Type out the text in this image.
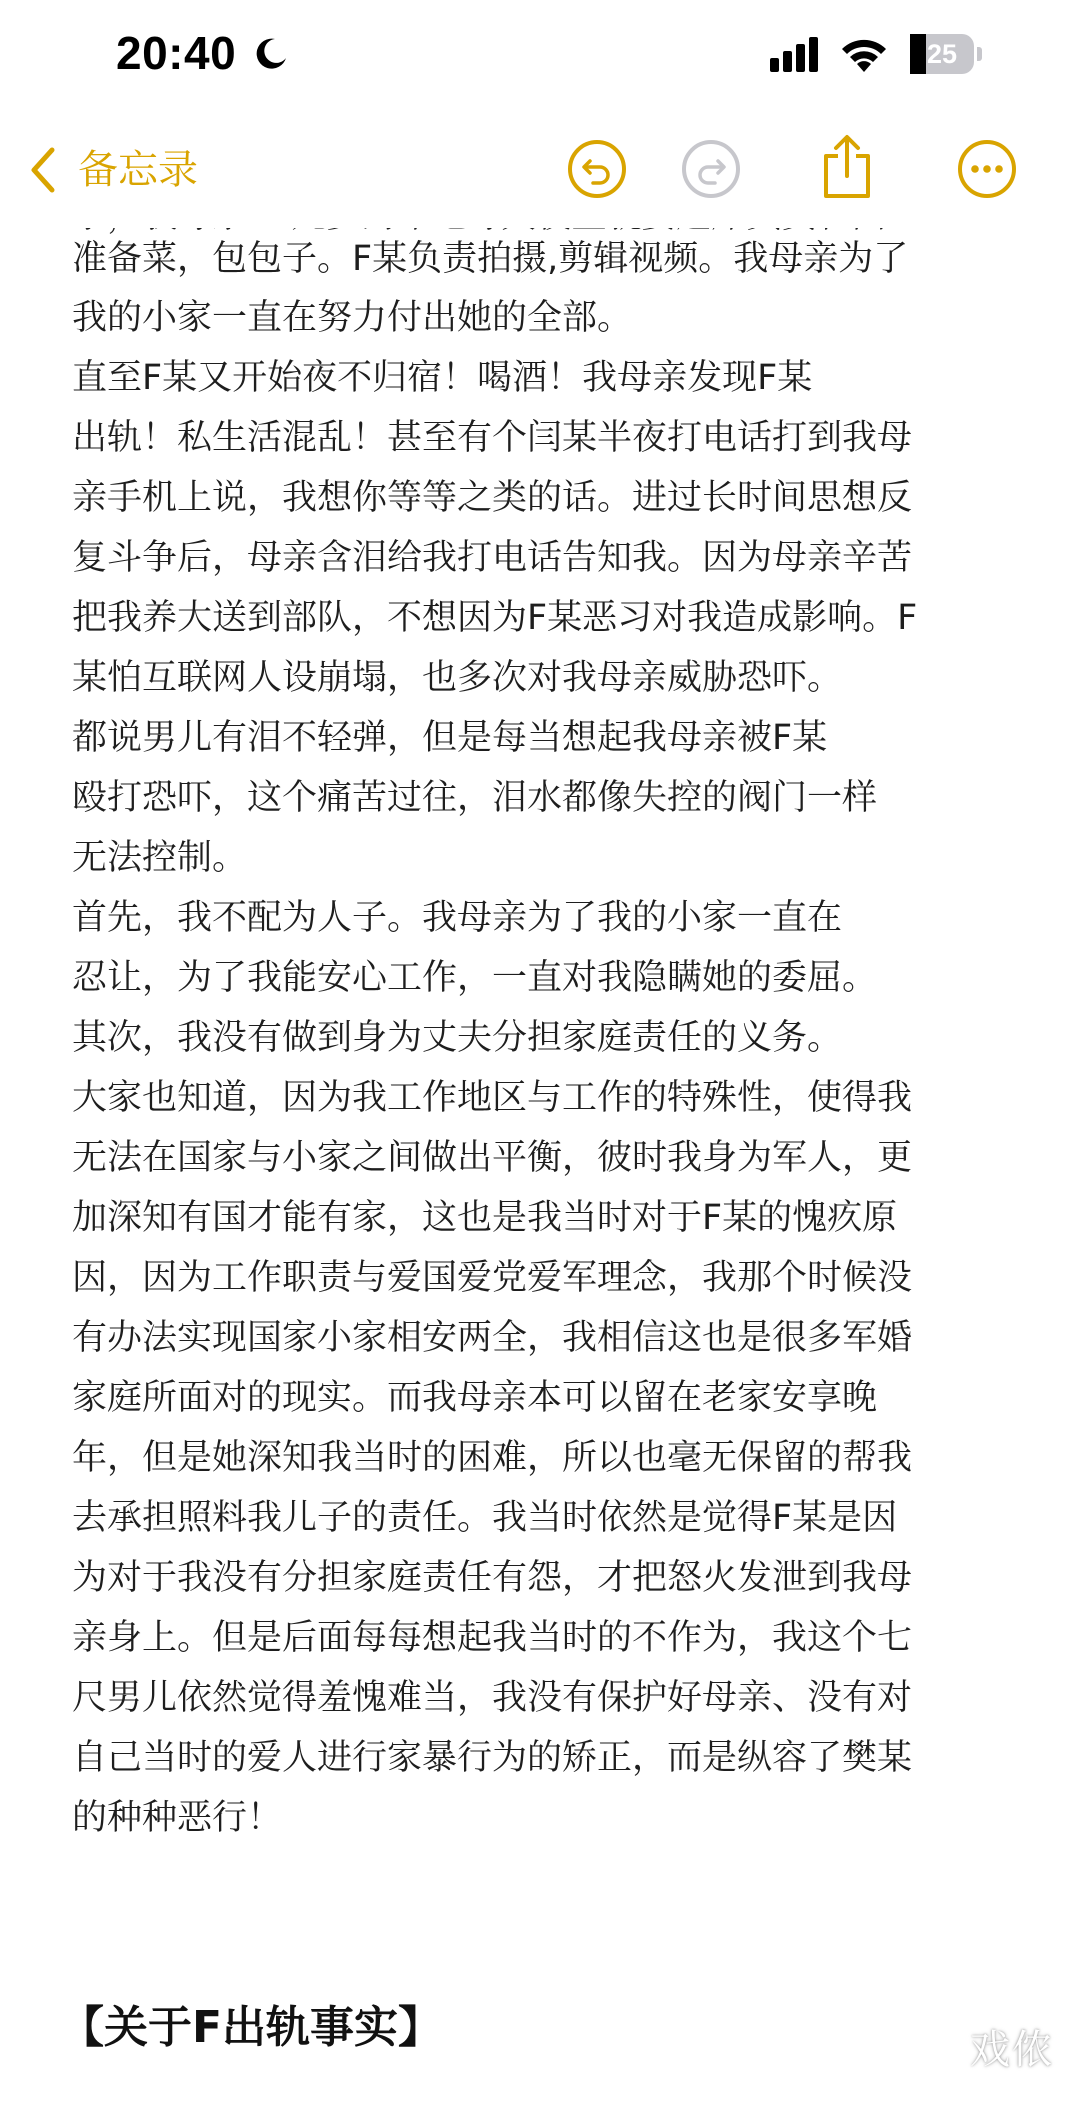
20:40	25
备忘录
准备菜，包包子。F某负责拍摄,剪辑视频。我母亲为了
我的小家一直在努力付出她的全部。
直至F某又开始夜不归宿！喝酒！我母亲发现F某
出轨！私生活混乱！甚至有个闫某半夜打电话打到我母
亲手机上说，我想你等等之类的话。进过长时间思想反
复斗争后，母亲含泪给我打电话告知我。因为母亲辛苦
把我养大送到部队，不想因为F某恶习对我造成影响。F
某怕互联网人设崩塌，也多次对我母亲威胁恐吓。
都说男儿有泪不轻弹，但是每当想起我母亲被F某
殴打恐吓，这个痛苦过往，泪水都像失控的阀门一样
无法控制。
首先，我不配为人子。我母亲为了我的小家一直在
忍让，为了我能安心工作，一直对我隐瞒她的委屈。
其次，我没有做到身为丈夫分担家庭责任的义务。
大家也知道，因为我工作地区与工作的特殊性，使得我
无法在国家与小家之间做出平衡，彼时我身为军人，更
加深知有国才能有家，这也是我当时对于F某的愧疚原
因，因为工作职责与爱国爱党爱军理念，我那个时候没
有办法实现国家小家相安两全，我相信这也是很多军婚
家庭所面对的现实。而我母亲本可以留在老家安享晚
年，但是她深知我当时的困难，所以也毫无保留的帮我
去承担照料我儿子的责任。我当时依然是觉得F某是因
为对于我没有分担家庭责任有怨，才把怒火发泄到我母
亲身上。但是后面每每想起我当时的不作为，我这个七
尺男儿依然觉得羞愧难当，我没有保护好母亲、没有对
自己当时的爱人进行家暴行为的矫正，而是纵容了樊某
的种种恶行！
【关于F出轨事实】	戏侬
